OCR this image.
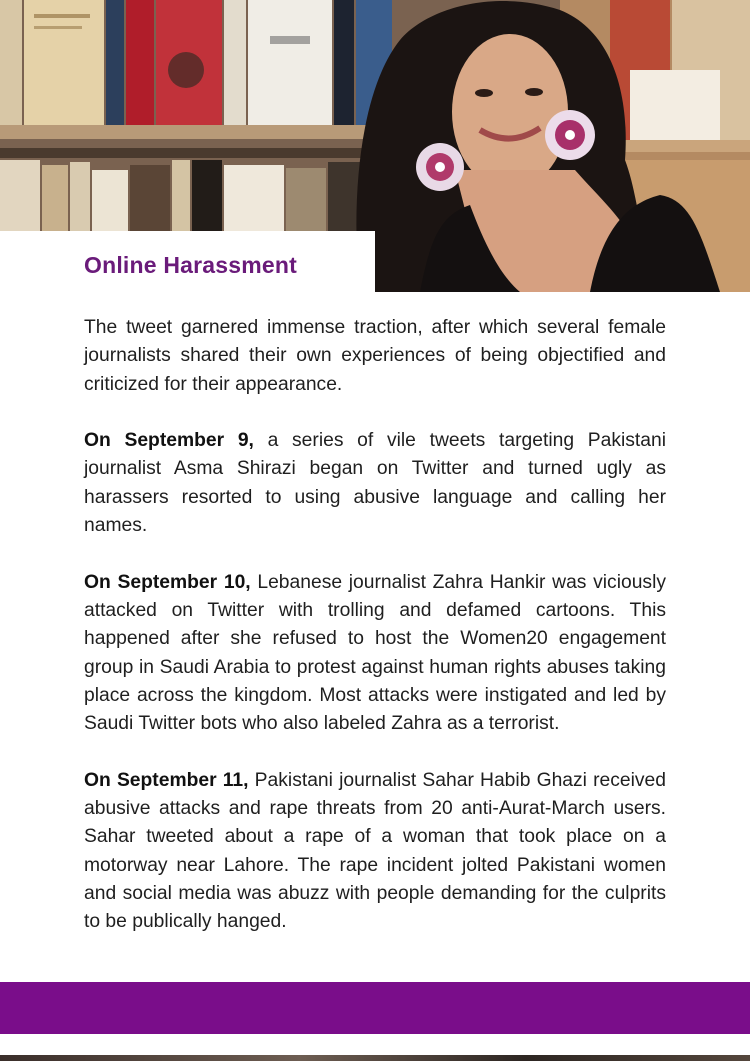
Online Harassment

The tweet garnered immense traction, after which several female journalists shared their own experiences of being objectified and criticized for their appearance.

On September 9, a series of vile tweets targeting Pakistani journalist Asma Shirazi began on Twitter and turned ugly as harassers resorted to using abusive language and calling her names.

On September 10, Lebanese journalist Zahra Hankir was viciously attacked on Twitter with trolling and defamed cartoons. This happened after she refused to host the Women20 engagement group in Saudi Arabia to protest against human rights abuses taking place across the kingdom. Most attacks were instigated and led by Saudi Twitter bots who also labeled Zahra as a terrorist.

On September 11, Pakistani journalist Sahar Habib Ghazi received abusive attacks and rape threats from 20 anti-Aurat-March users. Sahar tweeted about a rape of a woman that took place on a motorway near Lahore. The rape incident jolted Pakistani women and social media was abuzz with people demanding for the culprits to be publically hanged.
